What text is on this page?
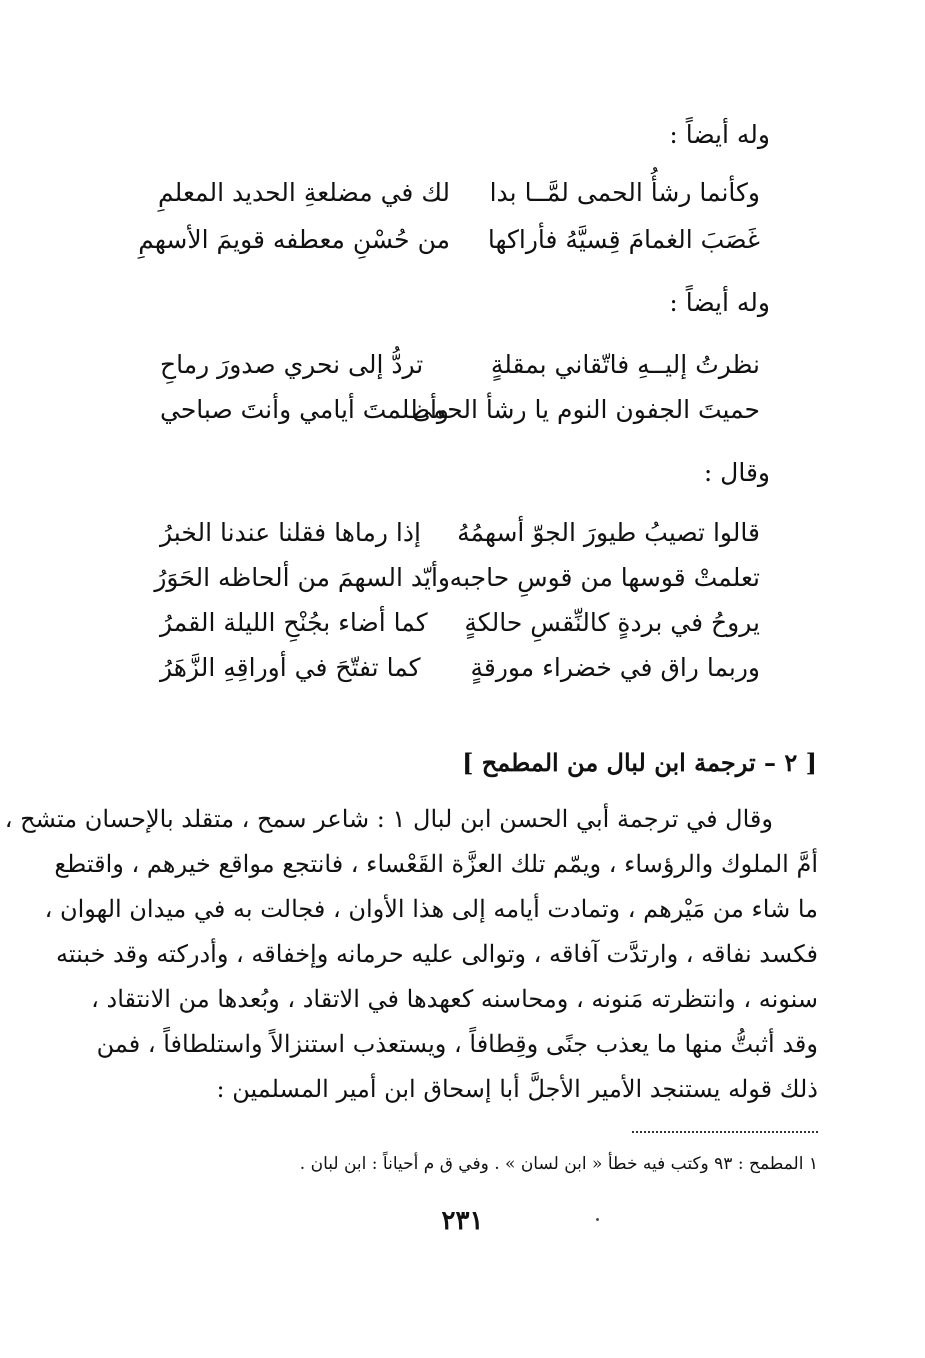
وله أيضاً :
وكأنما رشأُ الحمى لمَّــا بدا
لك في مضلعةِ الحديد المعلمِ
غَصَبَ الغمامَ قِسيَّهُ فأراكها
من حُسْنِ معطفه قويمَ الأسهمِ
وله أيضاً :
نظرتُ إليــهِ فاتّقاني بمقلةٍ
تردُّ إلى نحري صدورَ رماحِ
حميتَ الجفون النوم يا رشأ الحمى
وأظلمتَ أيامي وأنتَ صباحي
وقال :
قالوا تصيبُ طيورَ الجوّ أسهمُهُ
إذا رماها فقلنا عندنا الخبرُ
تعلمتْ قوسها من قوسِ حاجبه
وأيّد السهمَ من ألحاظه الحَوَرُ
يروحُ في بردةٍ كالنِّقسِ حالكةٍ
كما أضاء بجُنْحِ الليلة القمرُ
وربما راق في خضراء مورقةٍ
كما تفتّحَ في أوراقِهِ الزَّهَرُ
[ ٢ – ترجمة ابن لبال من المطمح ]
وقال في ترجمة أبي الحسن ابن لبال ١ : شاعر سمح ، متقلد بالإحسان متشح ،
أمَّ الملوك والرؤساء ، ويمّم تلك العزَّة القَعْساء ، فانتجع مواقع خيرهم ، واقتطع
ما شاء من مَيْرهم ، وتمادت أيامه إلى هذا الأوان ، فجالت به في ميدان الهوان ،
فكسد نفاقه ، وارتدَّت آفاقه ، وتوالى عليه حرمانه وإخفاقه ، وأدركته وقد خبنته
سنونه ، وانتظرته مَنونه ، ومحاسنه كعهدها في الاتقاد ، وبُعدها من الانتقاد ،
وقد أثبتُّ منها ما يعذب جنًى وقِطافاً ، ويستعذب استنزالاً واستلطافاً ، فمن
ذلك قوله يستنجد الأمير الأجلَّ أبا إسحاق ابن أمير المسلمين :
١ المطمح : ٩٣ وكتب فيه خطأ « ابن لسان » . وفي ق م أحياناً : ابن لبان .
٢٣١
